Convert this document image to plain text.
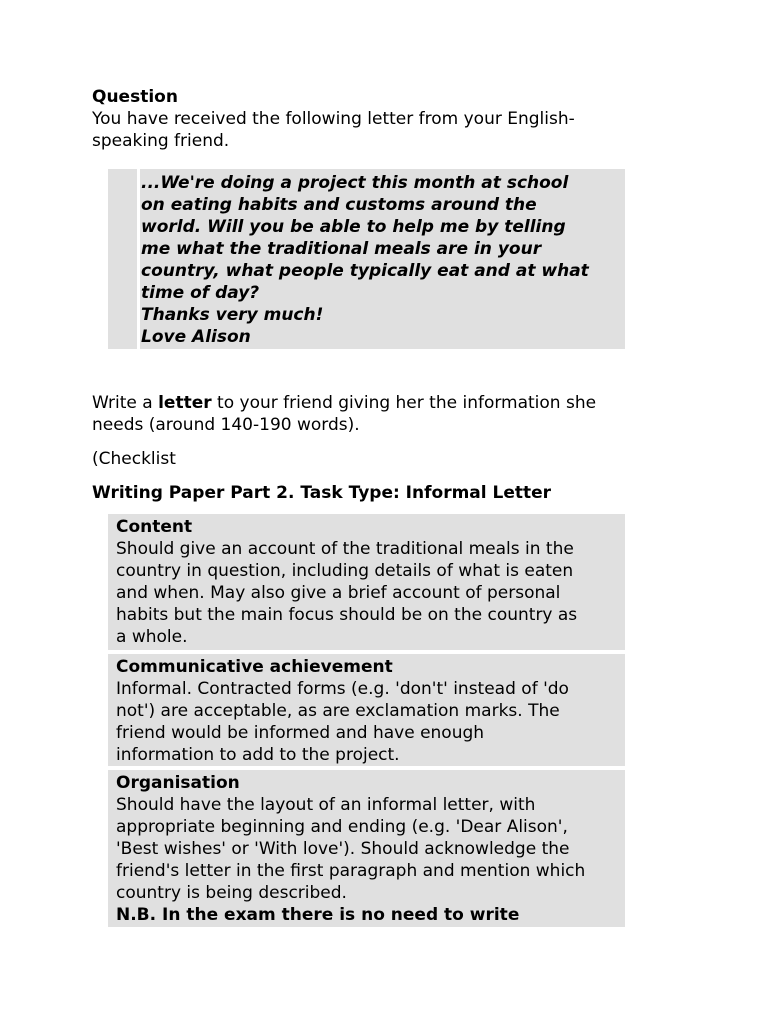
Question
You have received the following letter from your English-
speaking friend.
...We're doing a project this month at school
on eating habits and customs around the
world. Will you be able to help me by telling
me what the traditional meals are in your
country, what people typically eat and at what
time of day?
Thanks very much!
Love Alison
Write a letter to your friend giving her the information she
needs (around 140-190 words).
(Checklist
Writing Paper Part 2. Task Type: Informal Letter
Content
Should give an account of the traditional meals in the
country in question, including details of what is eaten
and when. May also give a brief account of personal
habits but the main focus should be on the country as
a whole.
Communicative achievement
Informal. Contracted forms (e.g. 'don't' instead of 'do
not') are acceptable, as are exclamation marks. The
friend would be informed and have enough
information to add to the project.
Organisation
Should have the layout of an informal letter, with
appropriate beginning and ending (e.g. 'Dear Alison',
'Best wishes' or 'With love'). Should acknowledge the
friend's letter in the first paragraph and mention which
country is being described.
N.B. In the exam there is no need to write
